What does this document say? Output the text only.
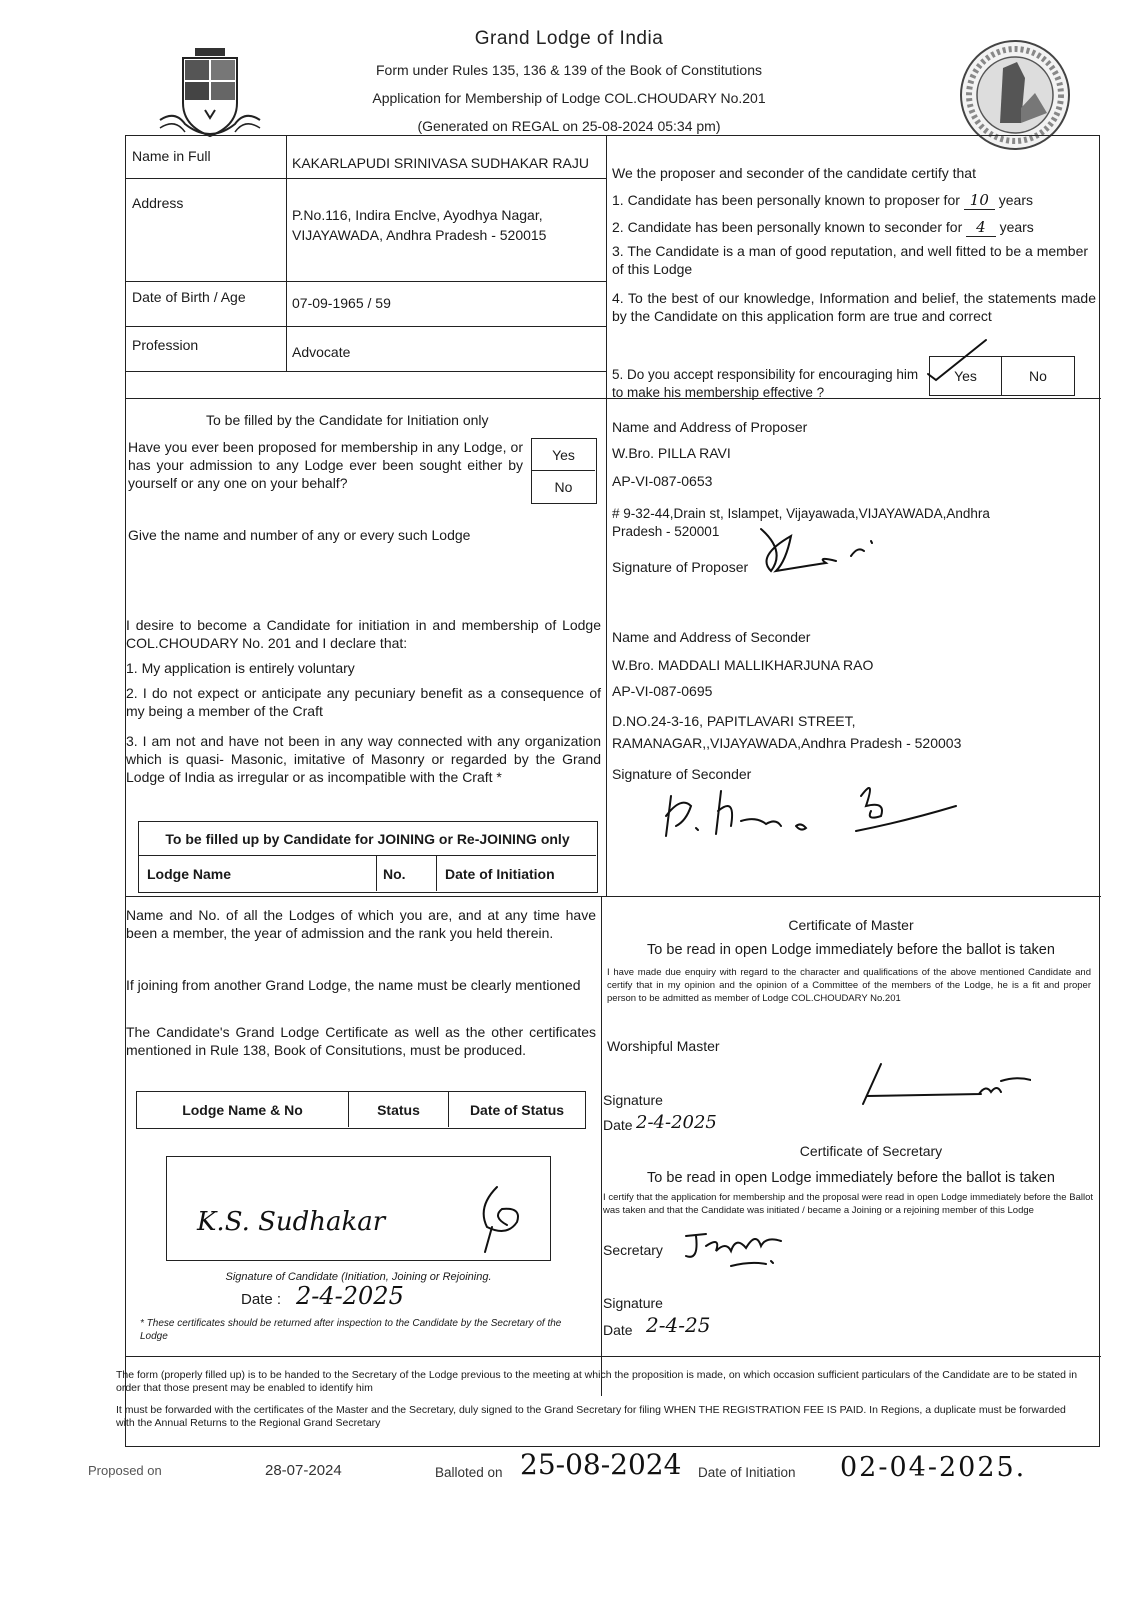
Grand Lodge of India
Form under Rules 135, 136 & 139 of the Book of Constitutions
Application for Membership of Lodge COL.CHOUDARY No.201
(Generated on REGAL on 25-08-2024 05:34 pm)
Name in Full	KAKARLAPUDI SRINIVASA SUDHAKAR RAJU
Address
P.No.116, Indira Enclve, Ayodhya Nagar,
VIJAYAWADA, Andhra Pradesh - 520015
Date of Birth / Age	07-09-1965 / 59
Profession	Advocate
We the proposer and seconder of the candidate certify that
1. Candidate has been personally known to proposer for 10 years
2. Candidate has been personally known to seconder for 4 years
3. The Candidate is a man of good reputation, and well fitted to be a member of this Lodge
4. To the best of our knowledge, Information and belief, the statements made by the Candidate on this application form are true and correct
5. Do you accept responsibility for encouraging him to make his membership effective ?
Yes	No
To be filled by the Candidate for Initiation only
Have you ever been proposed for membership in any Lodge, or has your admission to any Lodge ever been sought either by yourself or any one on your behalf?
Yes
No
Give the name and number of any or every such Lodge
I desire to become a Candidate for initiation in and membership of Lodge COL.CHOUDARY No. 201 and I declare that:
1. My application is entirely voluntary
2. I do not expect or anticipate any pecuniary benefit as a consequence of my being a member of the Craft
3. I am not and have not been in any way connected with any organization which is quasi- Masonic, imitative of Masonry or regarded by the Grand Lodge of India as irregular or as incompatible with the Craft *
To be filled up by Candidate for JOINING or Re-JOINING only
Lodge Name	No.	Date of Initiation
Name and Address of Proposer
W.Bro. PILLA RAVI
AP-VI-087-0653
# 9-32-44,Drain st, Islampet, Vijayawada,VIJAYAWADA,Andhra
Pradesh - 520001
Signature of Proposer
Name and Address of Seconder
W.Bro. MADDALI MALLIKHARJUNA RAO
AP-VI-087-0695
D.NO.24-3-16, PAPITLAVARI STREET,
RAMANAGAR,,VIJAYAWADA,Andhra Pradesh - 520003
Signature of Seconder
Name and No. of all the Lodges of which you are, and at any time have been a member, the year of admission and the rank you held therein.
If joining from another Grand Lodge, the name must be clearly mentioned
The Candidate's Grand Lodge Certificate as well as the other certificates mentioned in Rule 138, Book of Consitutions, must be produced.
Lodge Name & No	Status	Date of Status
K.S. Sudhakar
Signature of Candidate (Initiation, Joining or Rejoining.
Date : 2-4-2025
* These certificates should be returned after inspection to the Candidate by the Secretary of the Lodge
Certificate of Master
To be read in open Lodge immediately before the ballot is taken
I have made due enquiry with regard to the character and qualifications of the above mentioned Candidate and certify that in my opinion and the opinion of a Committee of the members of the Lodge, he is a fit and proper person to be admitted as member of Lodge COL.CHOUDARY No.201
Worshipful Master
Signature
Date 2-4-2025
Certificate of Secretary
To be read in open Lodge immediately before the ballot is taken
I certify that the application for membership and the proposal were read in open Lodge immediately before the Ballot was taken and that the Candidate was initiated / became a Joining or a rejoining member of this Lodge
Secretary
Signature
Date 2-4-25
The form (properly filled up) is to be handed to the Secretary of the Lodge previous to the meeting at which the proposition is made, on which occasion sufficient particulars of the Candidate are to be stated in order that those present may be enabled to identify him
It must be forwarded with the certificates of the Master and the Secretary, duly signed to the Grand Secretary for filing WHEN THE REGISTRATION FEE IS PAID. In Regions, a duplicate must be forwarded with the Annual Returns to the Regional Grand Secretary
Proposed on	28-07-2024	Balloted on 25-08-2024 Date of Initiation 02-04-2025.
